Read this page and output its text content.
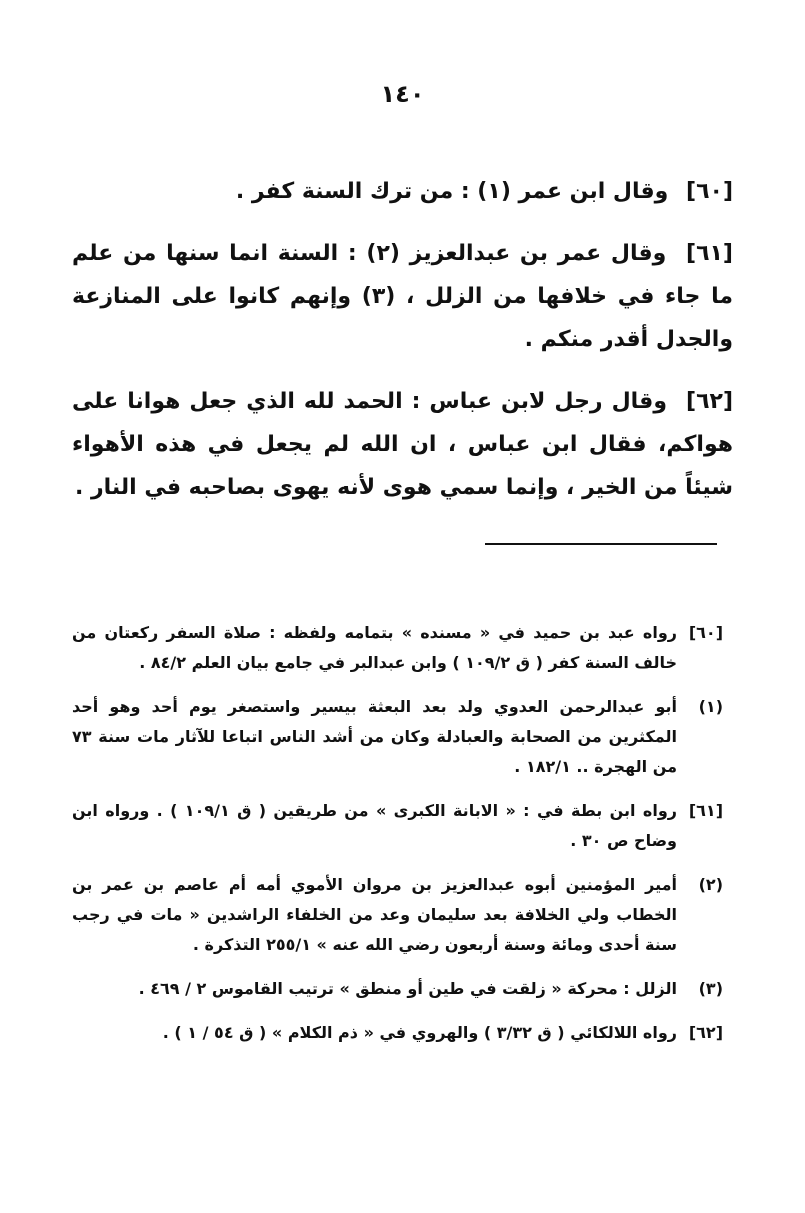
١٤٠

[٦٠] وقال ابن عمر (١) : من ترك السنة كفر .

[٦١] وقال عمر بن عبدالعزيز (٢) : السنة انما سنها من علم ما جاء في خلافها من الزلل ، (٣) وإنهم كانوا على المنازعة والجدل أقدر منكم .

[٦٢] وقال رجل لابن عباس : الحمد لله الذي جعل هوانا على هواكم، فقال ابن عباس ، ان الله لم يجعل في هذه الأهواء شيئاً من الخير ، وإنما سمي هوى لأنه يهوى بصاحبه في النار .

[٦٠]
رواه عبد بن حميد في « مسنده » بتمامه ولفظه : صلاة السفر ركعتان من خالف السنة كفر ( ق ١٠٩/٢ ) وابن عبدالبر في جامع بيان العلم ٨٤/٢ .
(١)
أبو عبدالرحمن العدوي ولد بعد البعثة بيسير واستصغر يوم أحد وهو أحد المكثرين من الصحابة والعبادلة وكان من أشد الناس اتباعا للآثار مات سنة ٧٣ من الهجرة .. ١٨٢/١ .
[٦١]
رواه ابن بطة في : « الابانة الكبرى » من طريقين ( ق ١٠٩/١ ) . ورواه ابن وضاح ص ٣٠ .
(٢)
أمير المؤمنين أبوه عبدالعزيز بن مروان الأموي أمه أم عاصم بن عمر بن الخطاب ولي الخلافة بعد سليمان وعد من الخلفاء الراشدين « مات في رجب سنة أحدى ومائة وسنة أربعون رضي الله عنه » ٢٥٥/١ التذكرة .
(٣)
الزلل : محركة « زلقت في طين أو منطق » ترتيب القاموس ٢ / ٤٦٩ .
[٦٢]
رواه اللالكائي ( ق ٣/٣٢ ) والهروي في « ذم الكلام » ( ق ٥٤ / ١ ) .
